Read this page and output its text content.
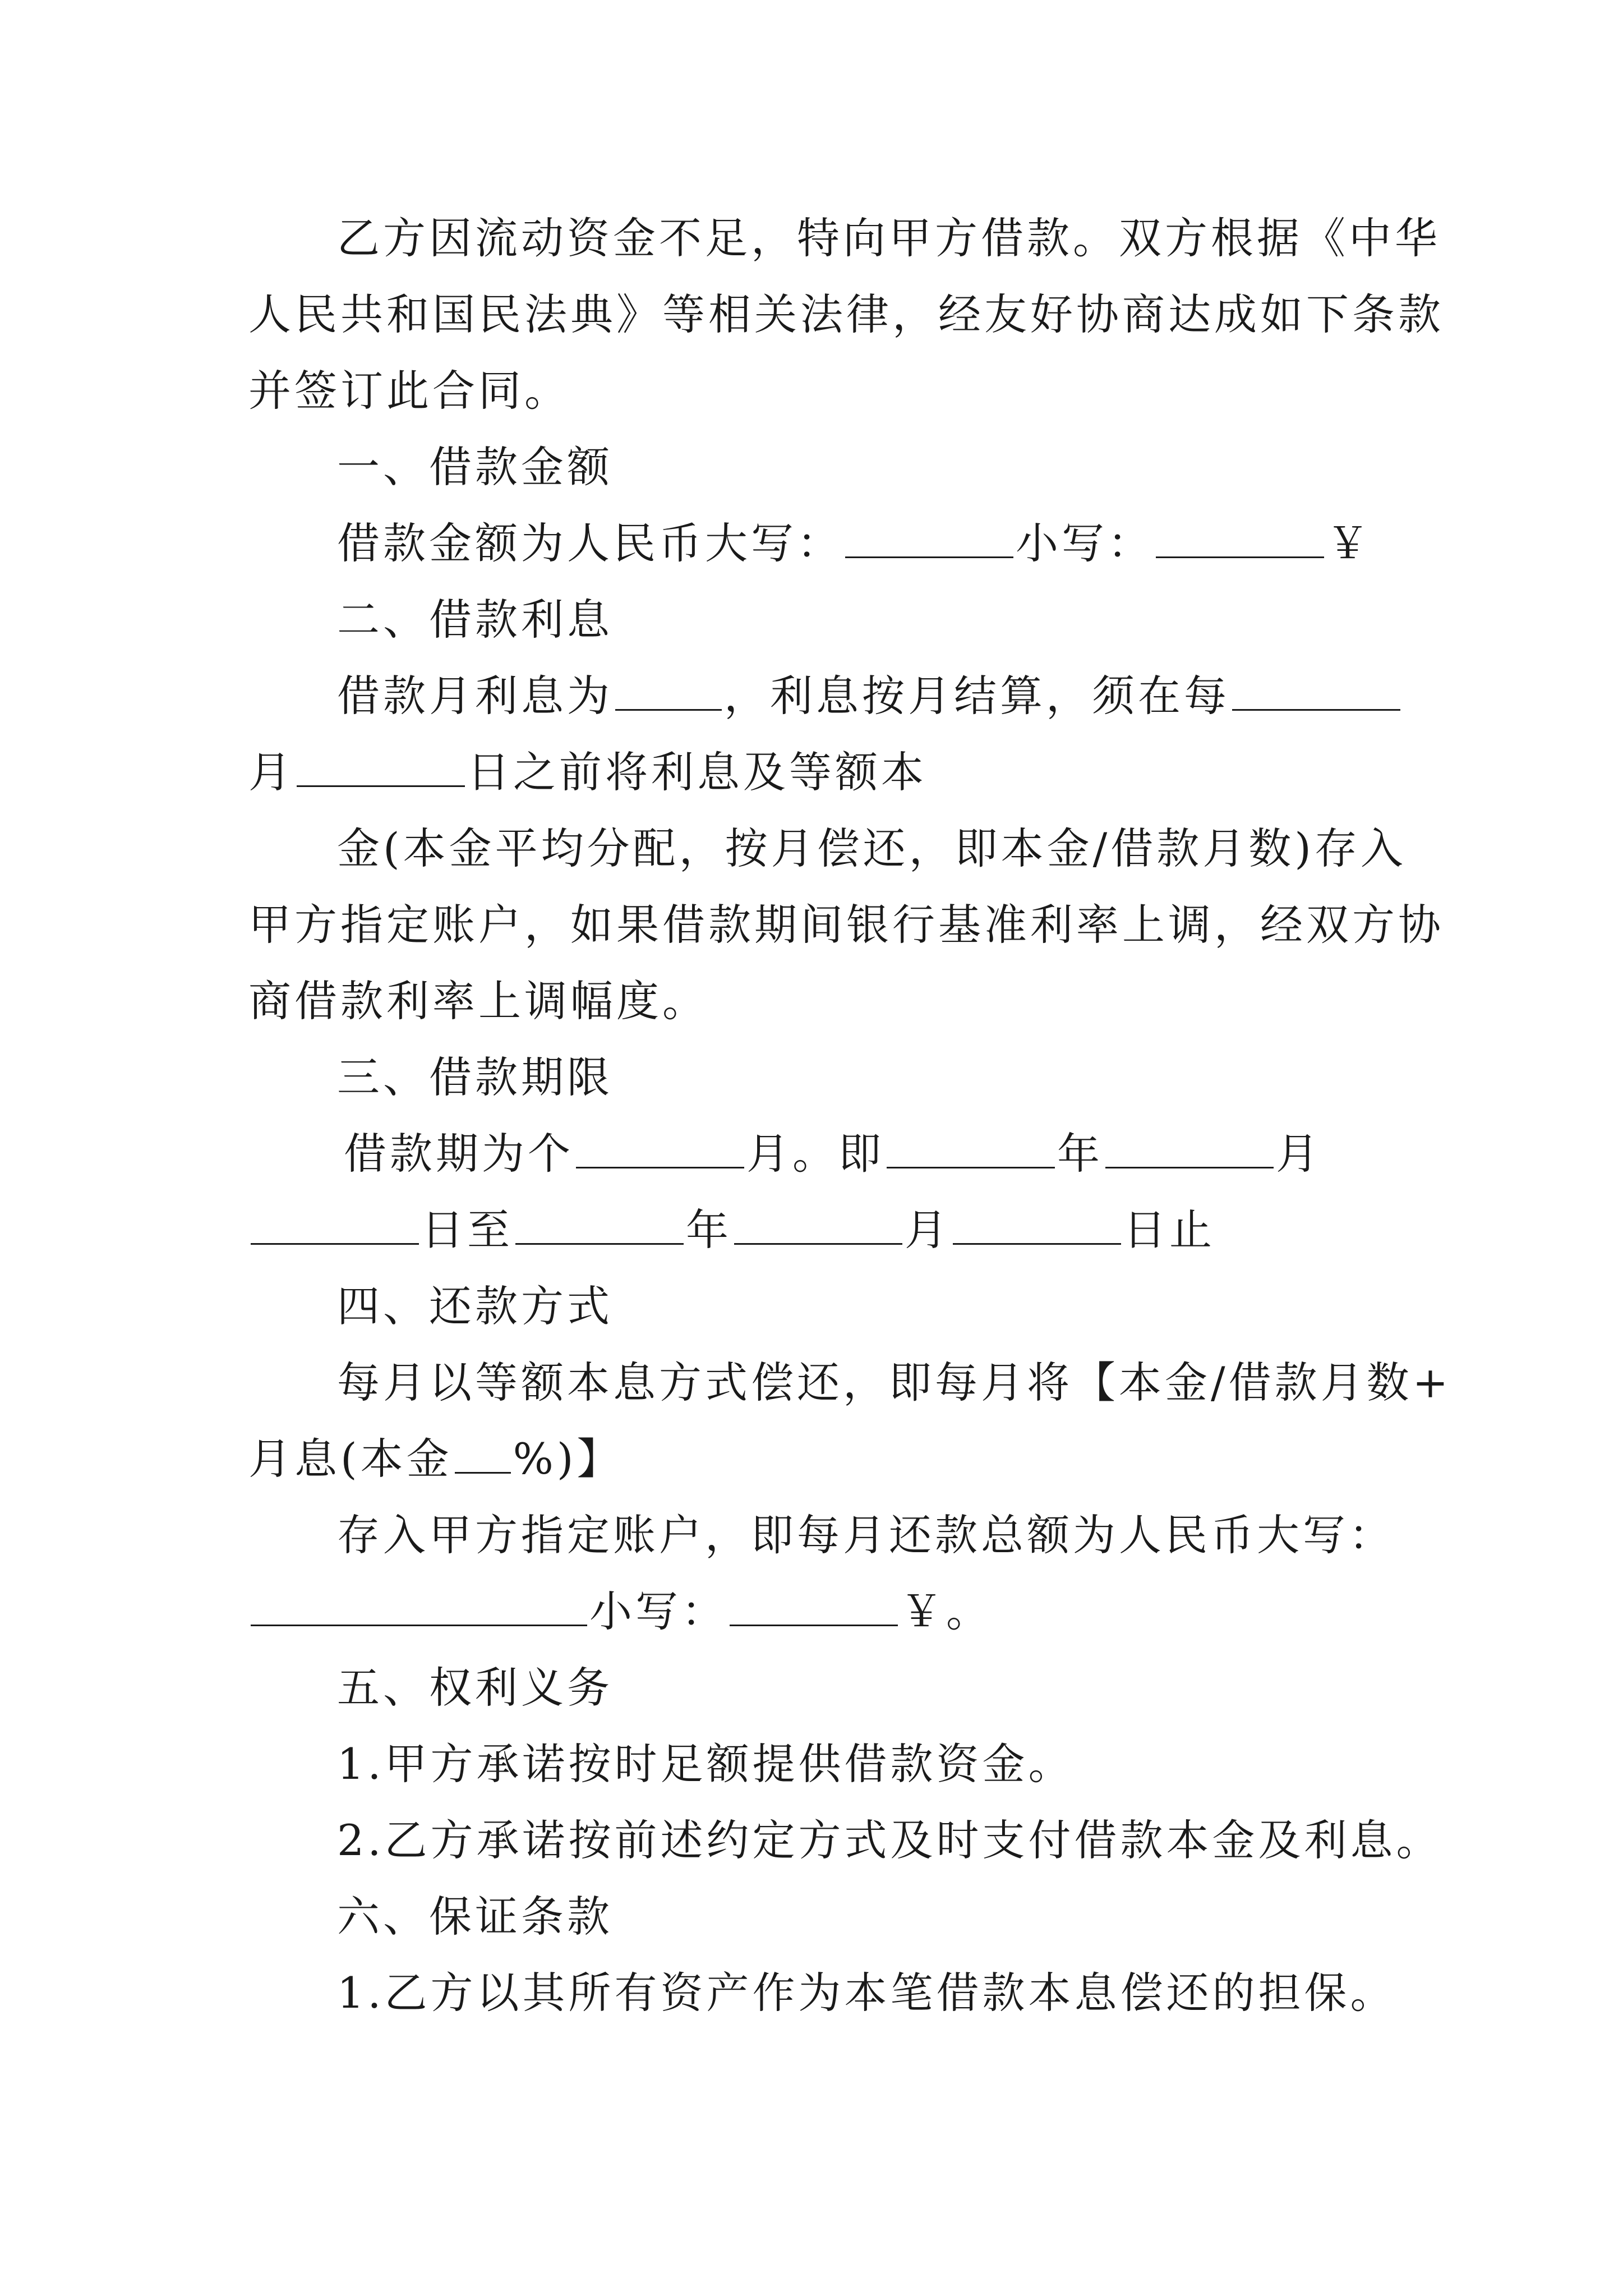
乙方因流动资金不足，特向甲方借款。双方根据《中华
人民共和国民法典》等相关法律，经友好协商达成如下条款
并签订此合同。
一、借款金额
借款金额为人民币大写：	小写：	￥
二、借款利息
借款月利息为	，利息按月结算，须在每
月	日之前将利息及等额本
金(本金平均分配，按月偿还，即本金/借款月数)存入
甲方指定账户，如果借款期间银行基准利率上调，经双方协
商借款利率上调幅度。
三、借款期限
借款期为个	月。即	年	月
日至	年	月	日止
四、还款方式
每月以等额本息方式偿还，即每月将【本金/借款月数+
月息(本金 %)】
存入甲方指定账户，即每月还款总额为人民币大写：
小写：	￥。
五、权利义务
1.甲方承诺按时足额提供借款资金。
2.乙方承诺按前述约定方式及时支付借款本金及利息。
六、保证条款
1.乙方以其所有资产作为本笔借款本息偿还的担保。
